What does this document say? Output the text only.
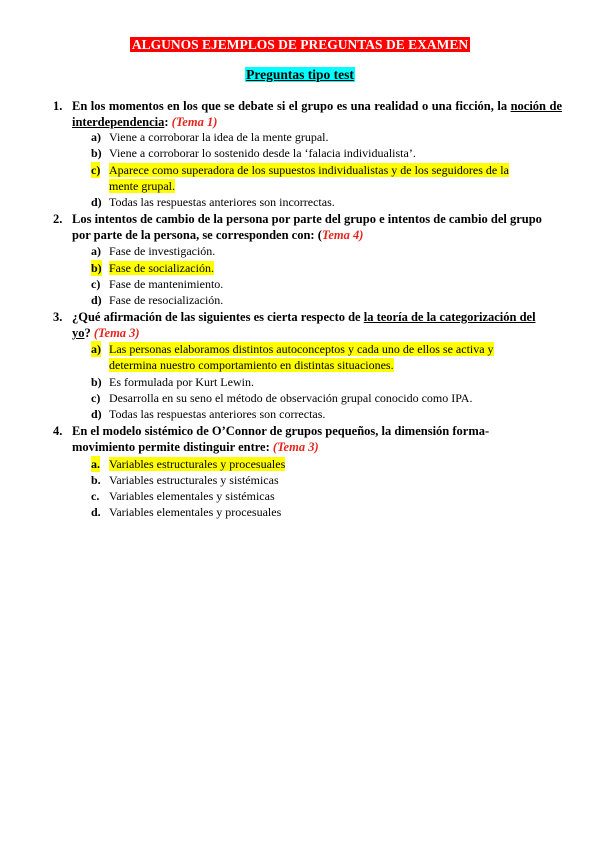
ALGUNOS EJEMPLOS DE PREGUNTAS DE EXAMEN
Preguntas tipo test
1. En los momentos en los que se debate si el grupo es una realidad o una ficción, la noción de interdependencia: (Tema 1)
a) Viene a corroborar la idea de la mente grupal.
b) Viene a corroborar lo sostenido desde la ‘falacia individualista’.
c) Aparece como superadora de los supuestos individualistas y de los seguidores de la
mente grupal.
d) Todas las respuestas anteriores son incorrectas.
2. Los intentos de cambio de la persona por parte del grupo e intentos de cambio del grupo
por parte de la persona, se corresponden con: (Tema 4)
a) Fase de investigación.
b) Fase de socialización.
c) Fase de mantenimiento.
d) Fase de resocialización.
3. ¿Qué afirmación de las siguientes es cierta respecto de la teoría de la categorización del
yo? (Tema 3)
a) Las personas elaboramos distintos autoconceptos y cada uno de ellos se activa y
determina nuestro comportamiento en distintas situaciones.
b) Es formulada por Kurt Lewin.
c) Desarrolla en su seno el método de observación grupal conocido como IPA.
d) Todas las respuestas anteriores son correctas.
4. En el modelo sistémico de O’Connor de grupos pequeños, la dimensión forma-
movimiento permite distinguir entre: (Tema 3)
a. Variables estructurales y procesuales
b. Variables estructurales y sistémicas
c. Variables elementales y sistémicas
d. Variables elementales y procesuales
